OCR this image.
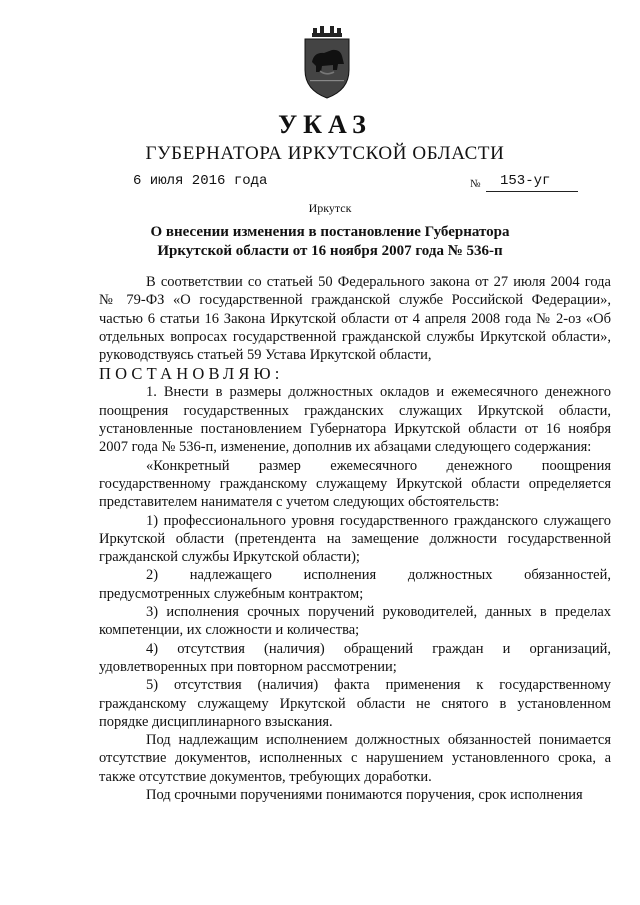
УКАЗ
ГУБЕРНАТОРА ИРКУТСКОЙ ОБЛАСТИ
6 июля 2016 года	№ 153-уг
Иркутск
О внесении изменения в постановление Губернатора Иркутской области от 16 ноября 2007 года № 536-п

В соответствии со статьей 50 Федерального закона от 27 июля 2004 года № 79-ФЗ «О государственной гражданской службе Российской Федерации», частью 6 статьи 16 Закона Иркутской области от 4 апреля 2008 года № 2-оз «Об отдельных вопросах государственной гражданской службы Иркутской области», руководствуясь статьей 59 Устава Иркутской области,

ПОСТАНОВЛЯЮ:

1. Внести в размеры должностных окладов и ежемесячного денежного поощрения государственных гражданских служащих Иркутской области, установленные постановлением Губернатора Иркутской области от 16 ноября 2007 года № 536-п, изменение, дополнив их абзацами следующего содержания:

«Конкретный размер ежемесячного денежного поощрения государственному гражданскому служащему Иркутской области определяется представителем нанимателя с учетом следующих обстоятельств:

1) профессионального уровня государственного гражданского служащего Иркутской области (претендента на замещение должности государственной гражданской службы Иркутской области);

2) надлежащего исполнения должностных обязанностей, предусмотренных служебным контрактом;

3) исполнения срочных поручений руководителей, данных в пределах компетенции, их сложности и количества;

4) отсутствия (наличия) обращений граждан и организаций, удовлетворенных при повторном рассмотрении;

5) отсутствия (наличия) факта применения к государственному гражданскому служащему Иркутской области не снятого в установленном порядке дисциплинарного взыскания.

Под надлежащим исполнением должностных обязанностей понимается отсутствие документов, исполненных с нарушением установленного срока, а также отсутствие документов, требующих доработки.

Под срочными поручениями понимаются поручения, срок исполнения
